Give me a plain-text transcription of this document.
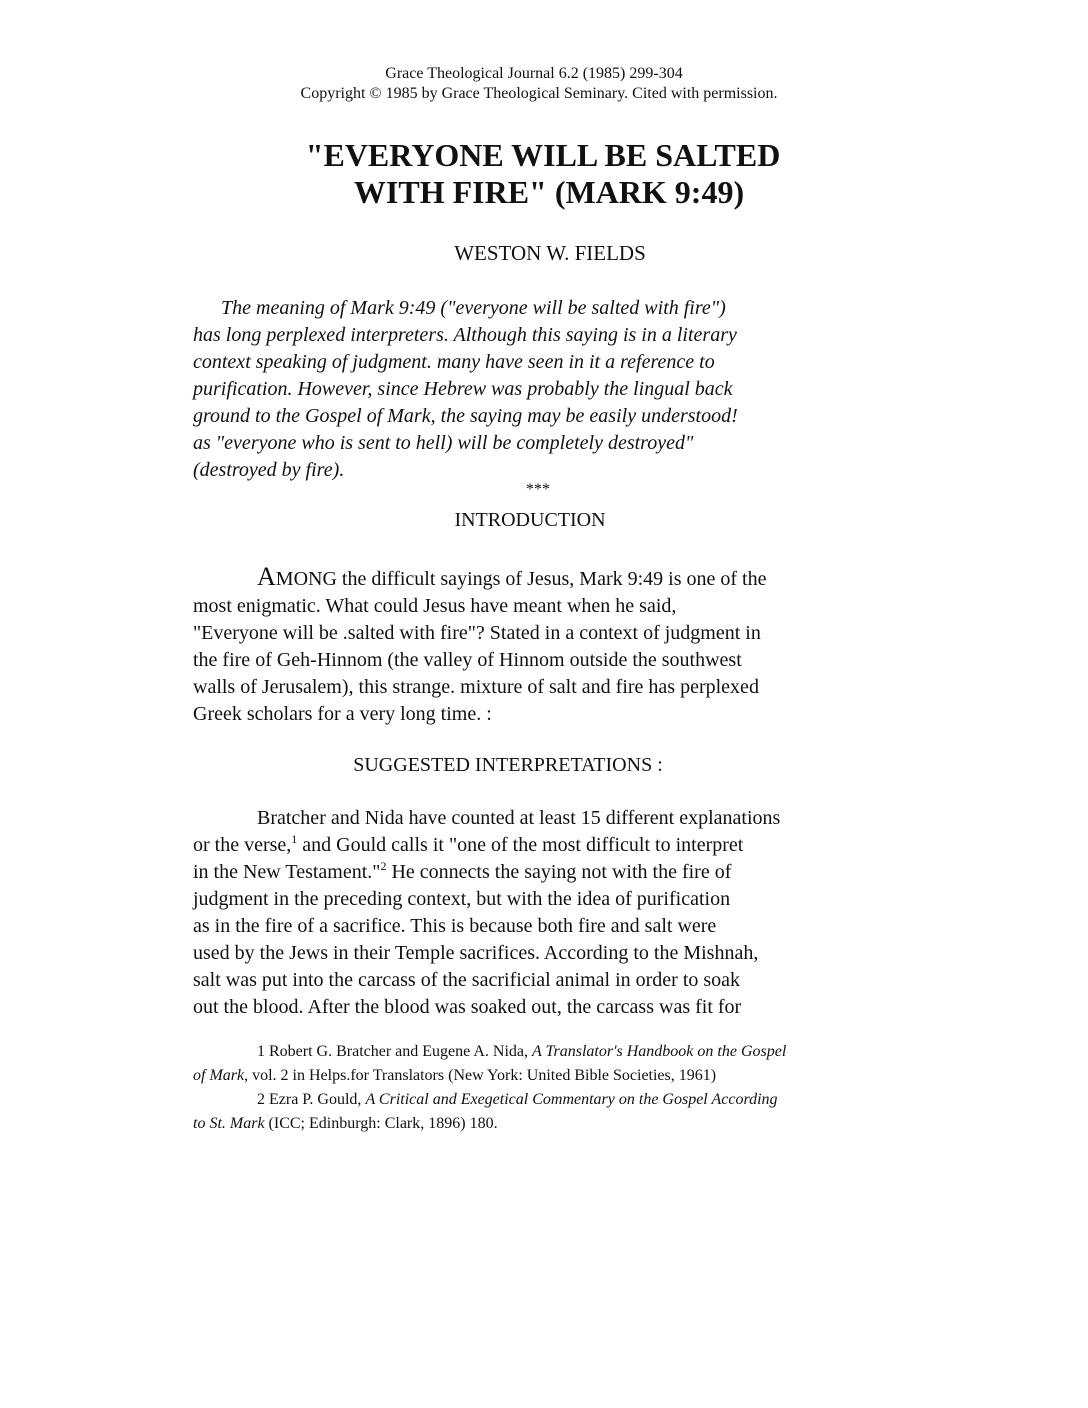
Grace Theological Journal 6.2 (1985) 299-304
Copyright © 1985 by Grace Theological Seminary. Cited with permission.
"EVERYONE WILL BE SALTED
WITH FIRE" (MARK 9:49)
WESTON W. FIELDS
The meaning of Mark 9:49 ("everyone will be salted with fire")
has long perplexed interpreters. Although this saying is in a literary
context speaking of judgment. many have seen in it a reference to
purification. However, since Hebrew was probably the lingual back
ground to the Gospel of Mark, the saying may be easily understood!
as "everyone who is sent to hell) will be completely destroyed"
(destroyed by fire).
***
INTRODUCTION
AMONG the difficult sayings of Jesus, Mark 9:49 is one of the
most enigmatic. What could Jesus have meant when he said,
"Everyone will be .salted with fire"? Stated in a context of judgment in
the fire of Geh-Hinnom (the valley of Hinnom outside the southwest
walls of Jerusalem), this strange. mixture of salt and fire has perplexed
Greek scholars for a very long time. :
SUGGESTED INTERPRETATIONS :
Bratcher and Nida have counted at least 15 different explanations
or the verse,$^1$ and Gould calls it "one of the most difficult to interpret
in the New Testament."$^2$ He connects the saying not with the fire of
judgment in the preceding context, but with the idea of purification
as in the fire of a sacrifice. This is because both fire and salt were
used by the Jews in their Temple sacrifices. According to the Mishnah,
salt was put into the carcass of the sacrificial animal in order to soak
out the blood. After the blood was soaked out, the carcass was fit for
1 Robert G. Bratcher and Eugene A. Nida, A Translator's Handbook on the Gospel
of Mark, vol. 2 in Helps.for Translators (New York: United Bible Societies, 1961)
2 Ezra P. Gould, A Critical and Exegetical Commentary on the Gospel According
to St. Mark (ICC; Edinburgh: Clark, 1896) 180.
